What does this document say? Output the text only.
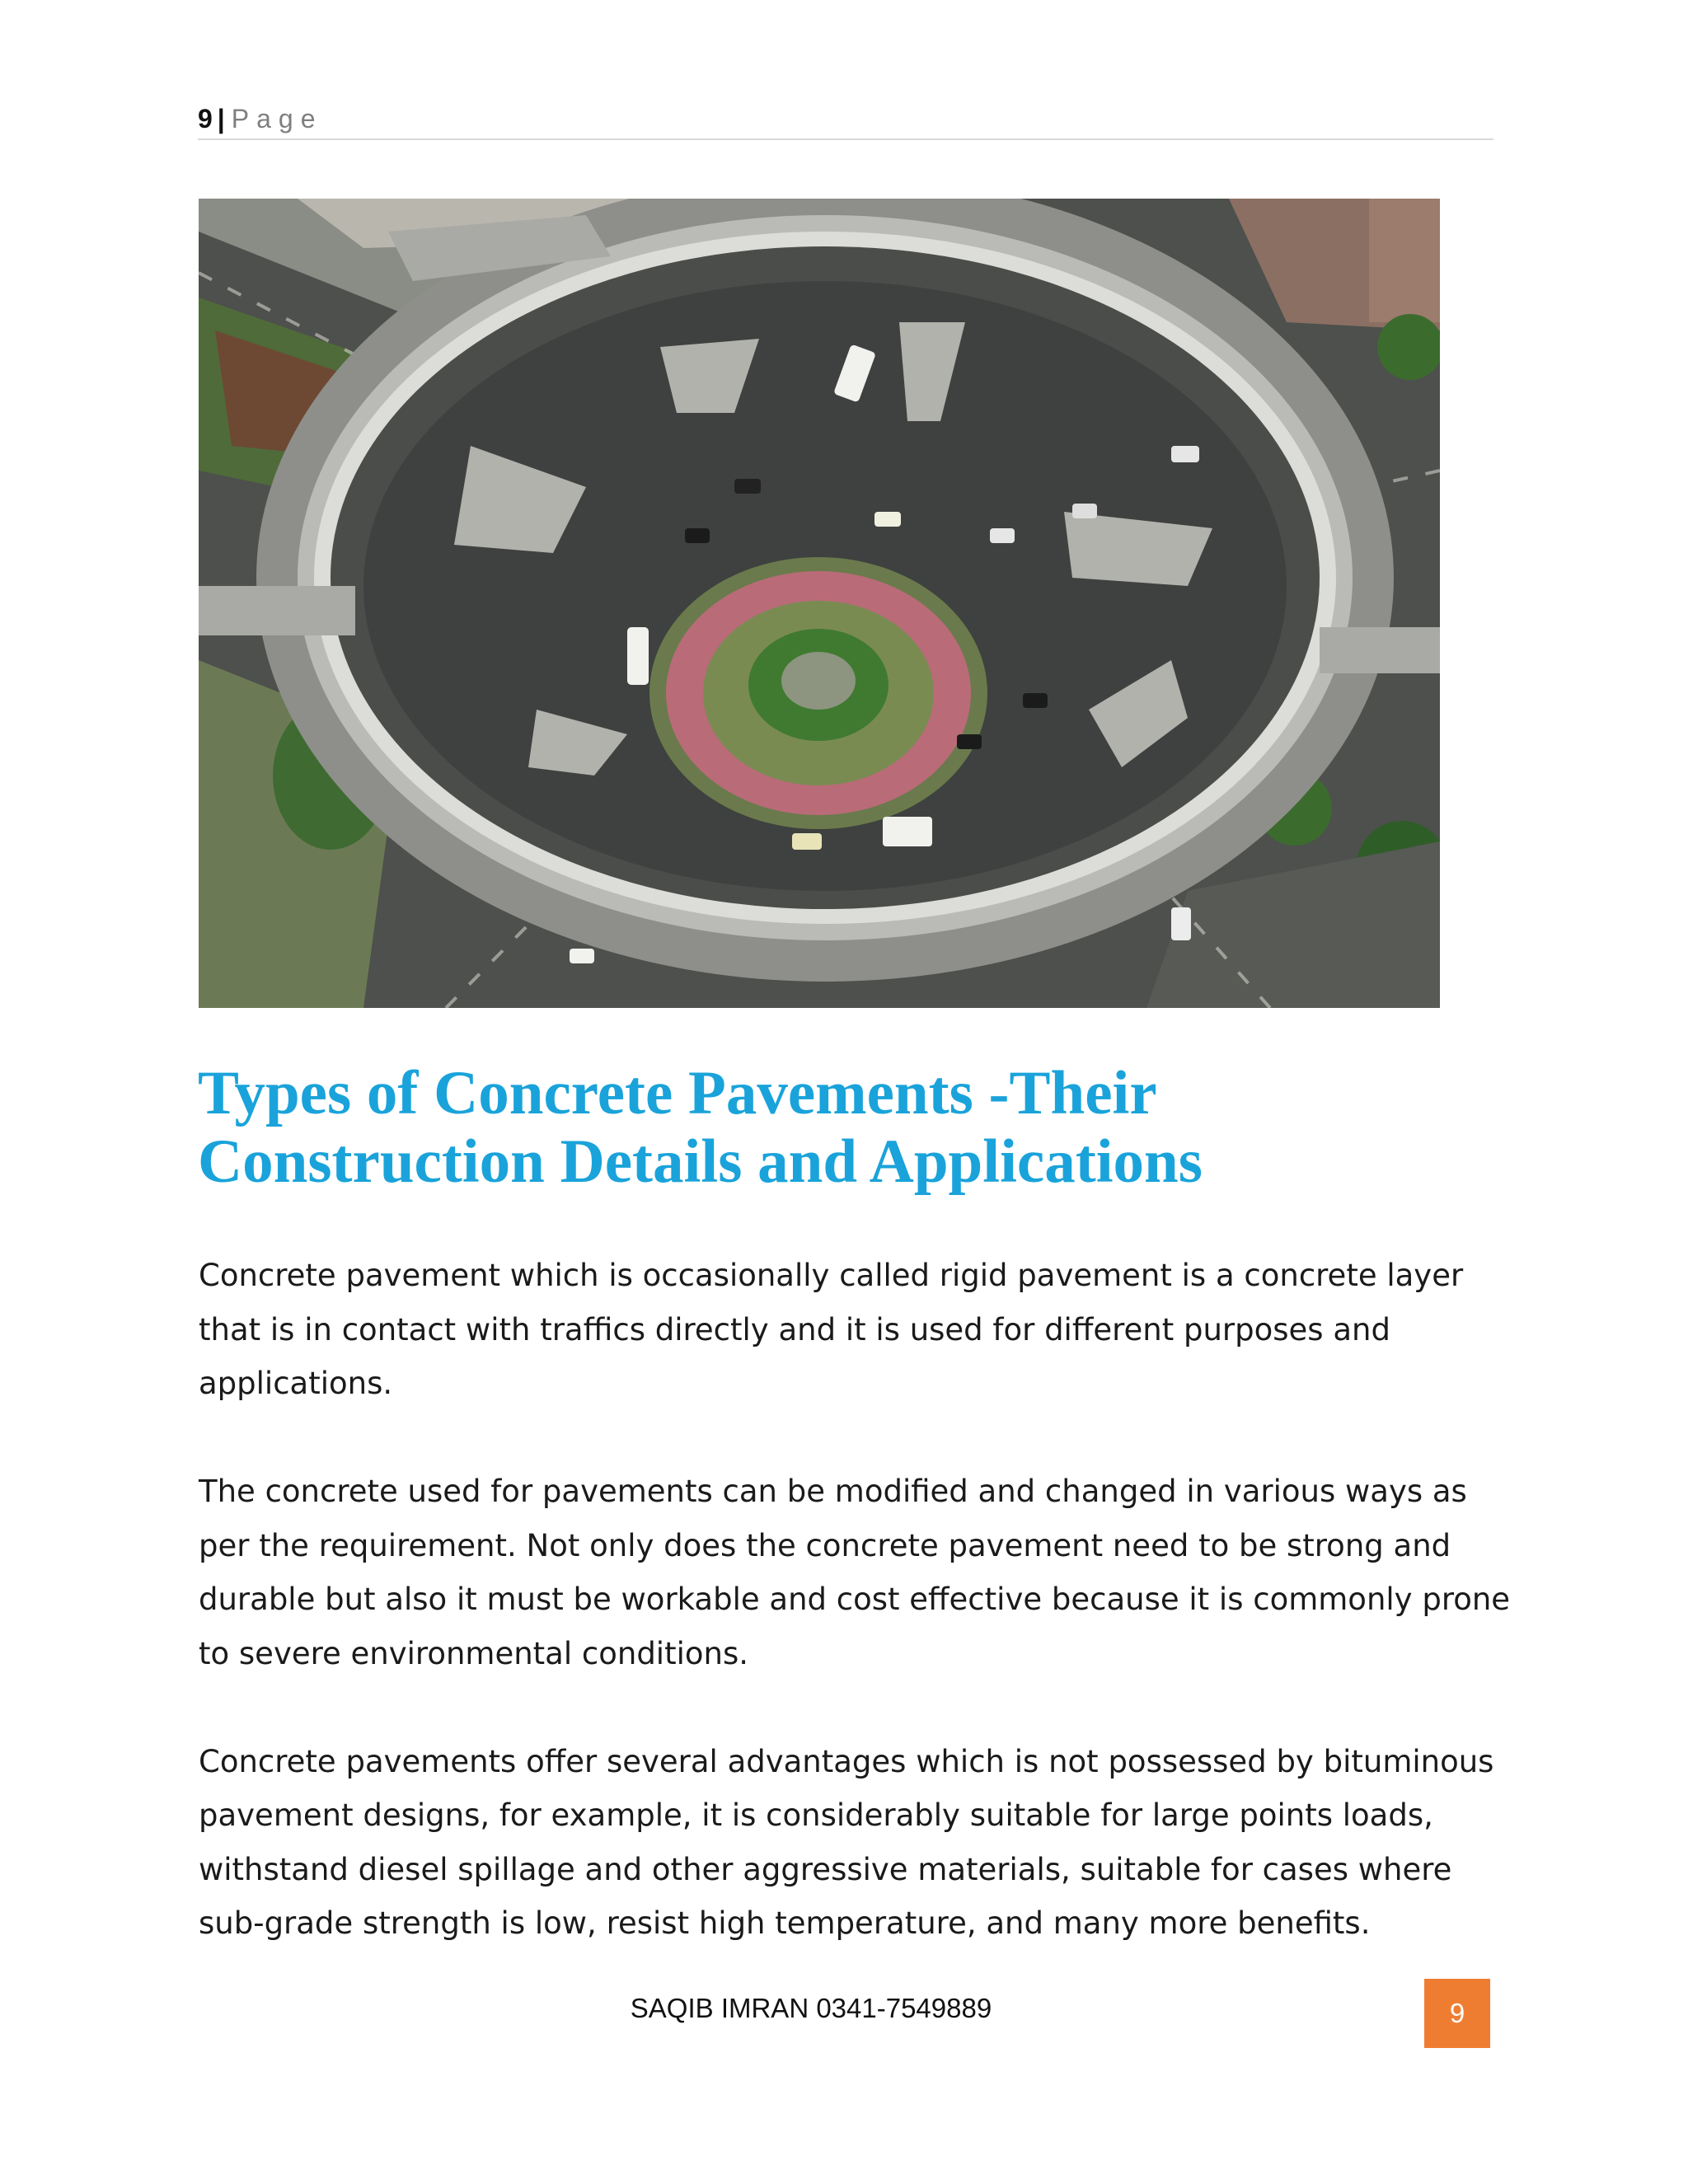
9 | Page
Types of Concrete Pavements -Their
Construction Details and Applications

Concrete pavement which is occasionally called rigid pavement is a concrete layer that is in contact with traffics directly and it is used for different purposes and applications.

The concrete used for pavements can be modified and changed in various ways as per the requirement. Not only does the concrete pavement need to be strong and durable but also it must be workable and cost effective because it is commonly prone to severe environmental conditions.

Concrete pavements offer several advantages which is not possessed by bituminous pavement designs, for example, it is considerably suitable for large points loads, withstand diesel spillage and other aggressive materials, suitable for cases where sub-grade strength is low, resist high temperature, and many more benefits.

SAQIB IMRAN 0341-7549889	9
